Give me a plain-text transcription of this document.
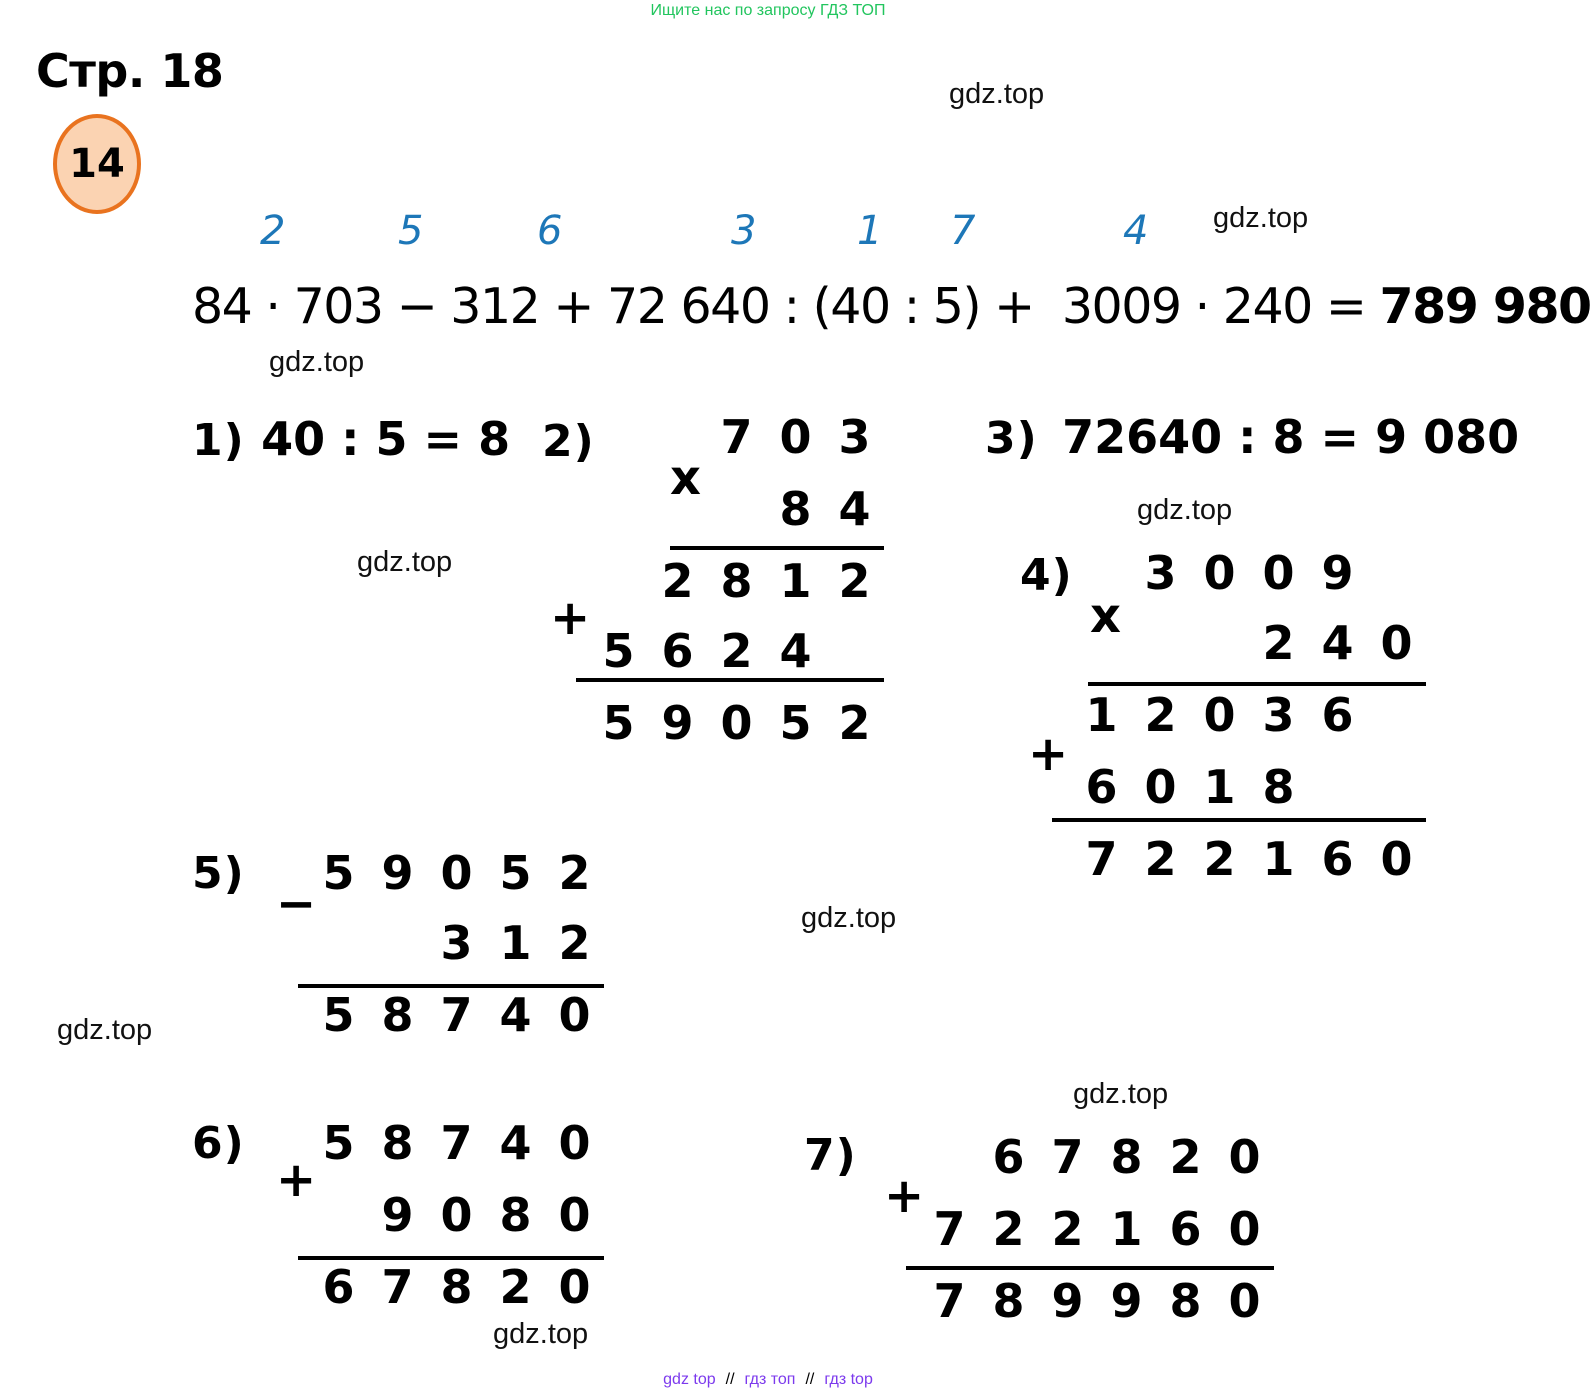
Ищите нас по запросу ГДЗ ТОП
Стр. 18
14
gdz.top
gdz.top
gdz.top
gdz.top
gdz.top
gdz.top
gdz.top
gdz.top
gdz.top
2	5	6	3	1 7	4
84 · 703 − 312 + 72 640 : (40 : 5) +  3009 · 240 = 789 980
1) 40 : 5 = 8	3) 72640 : 8 = 9 080
2)
x
+
7 0 3
8 4
2 8 1 2
5 6 2 4
5 9 0 5 2
4)
x
+
3 0 0 9
2 4 0
1 2 0 3 6
6 0 1 8
7 2 2 1 6 0
5)
−
5 9 0 5 2
3 1 2
5 8 7 4 0
6)
+
5 8 7 4 0
9 0 8 0
6 7 8 2 0
7)
+
6 7 8 2 0
7 2 2 1 6 0
7 8 9 9 8 0
gdz top // гдз топ // гдз top
